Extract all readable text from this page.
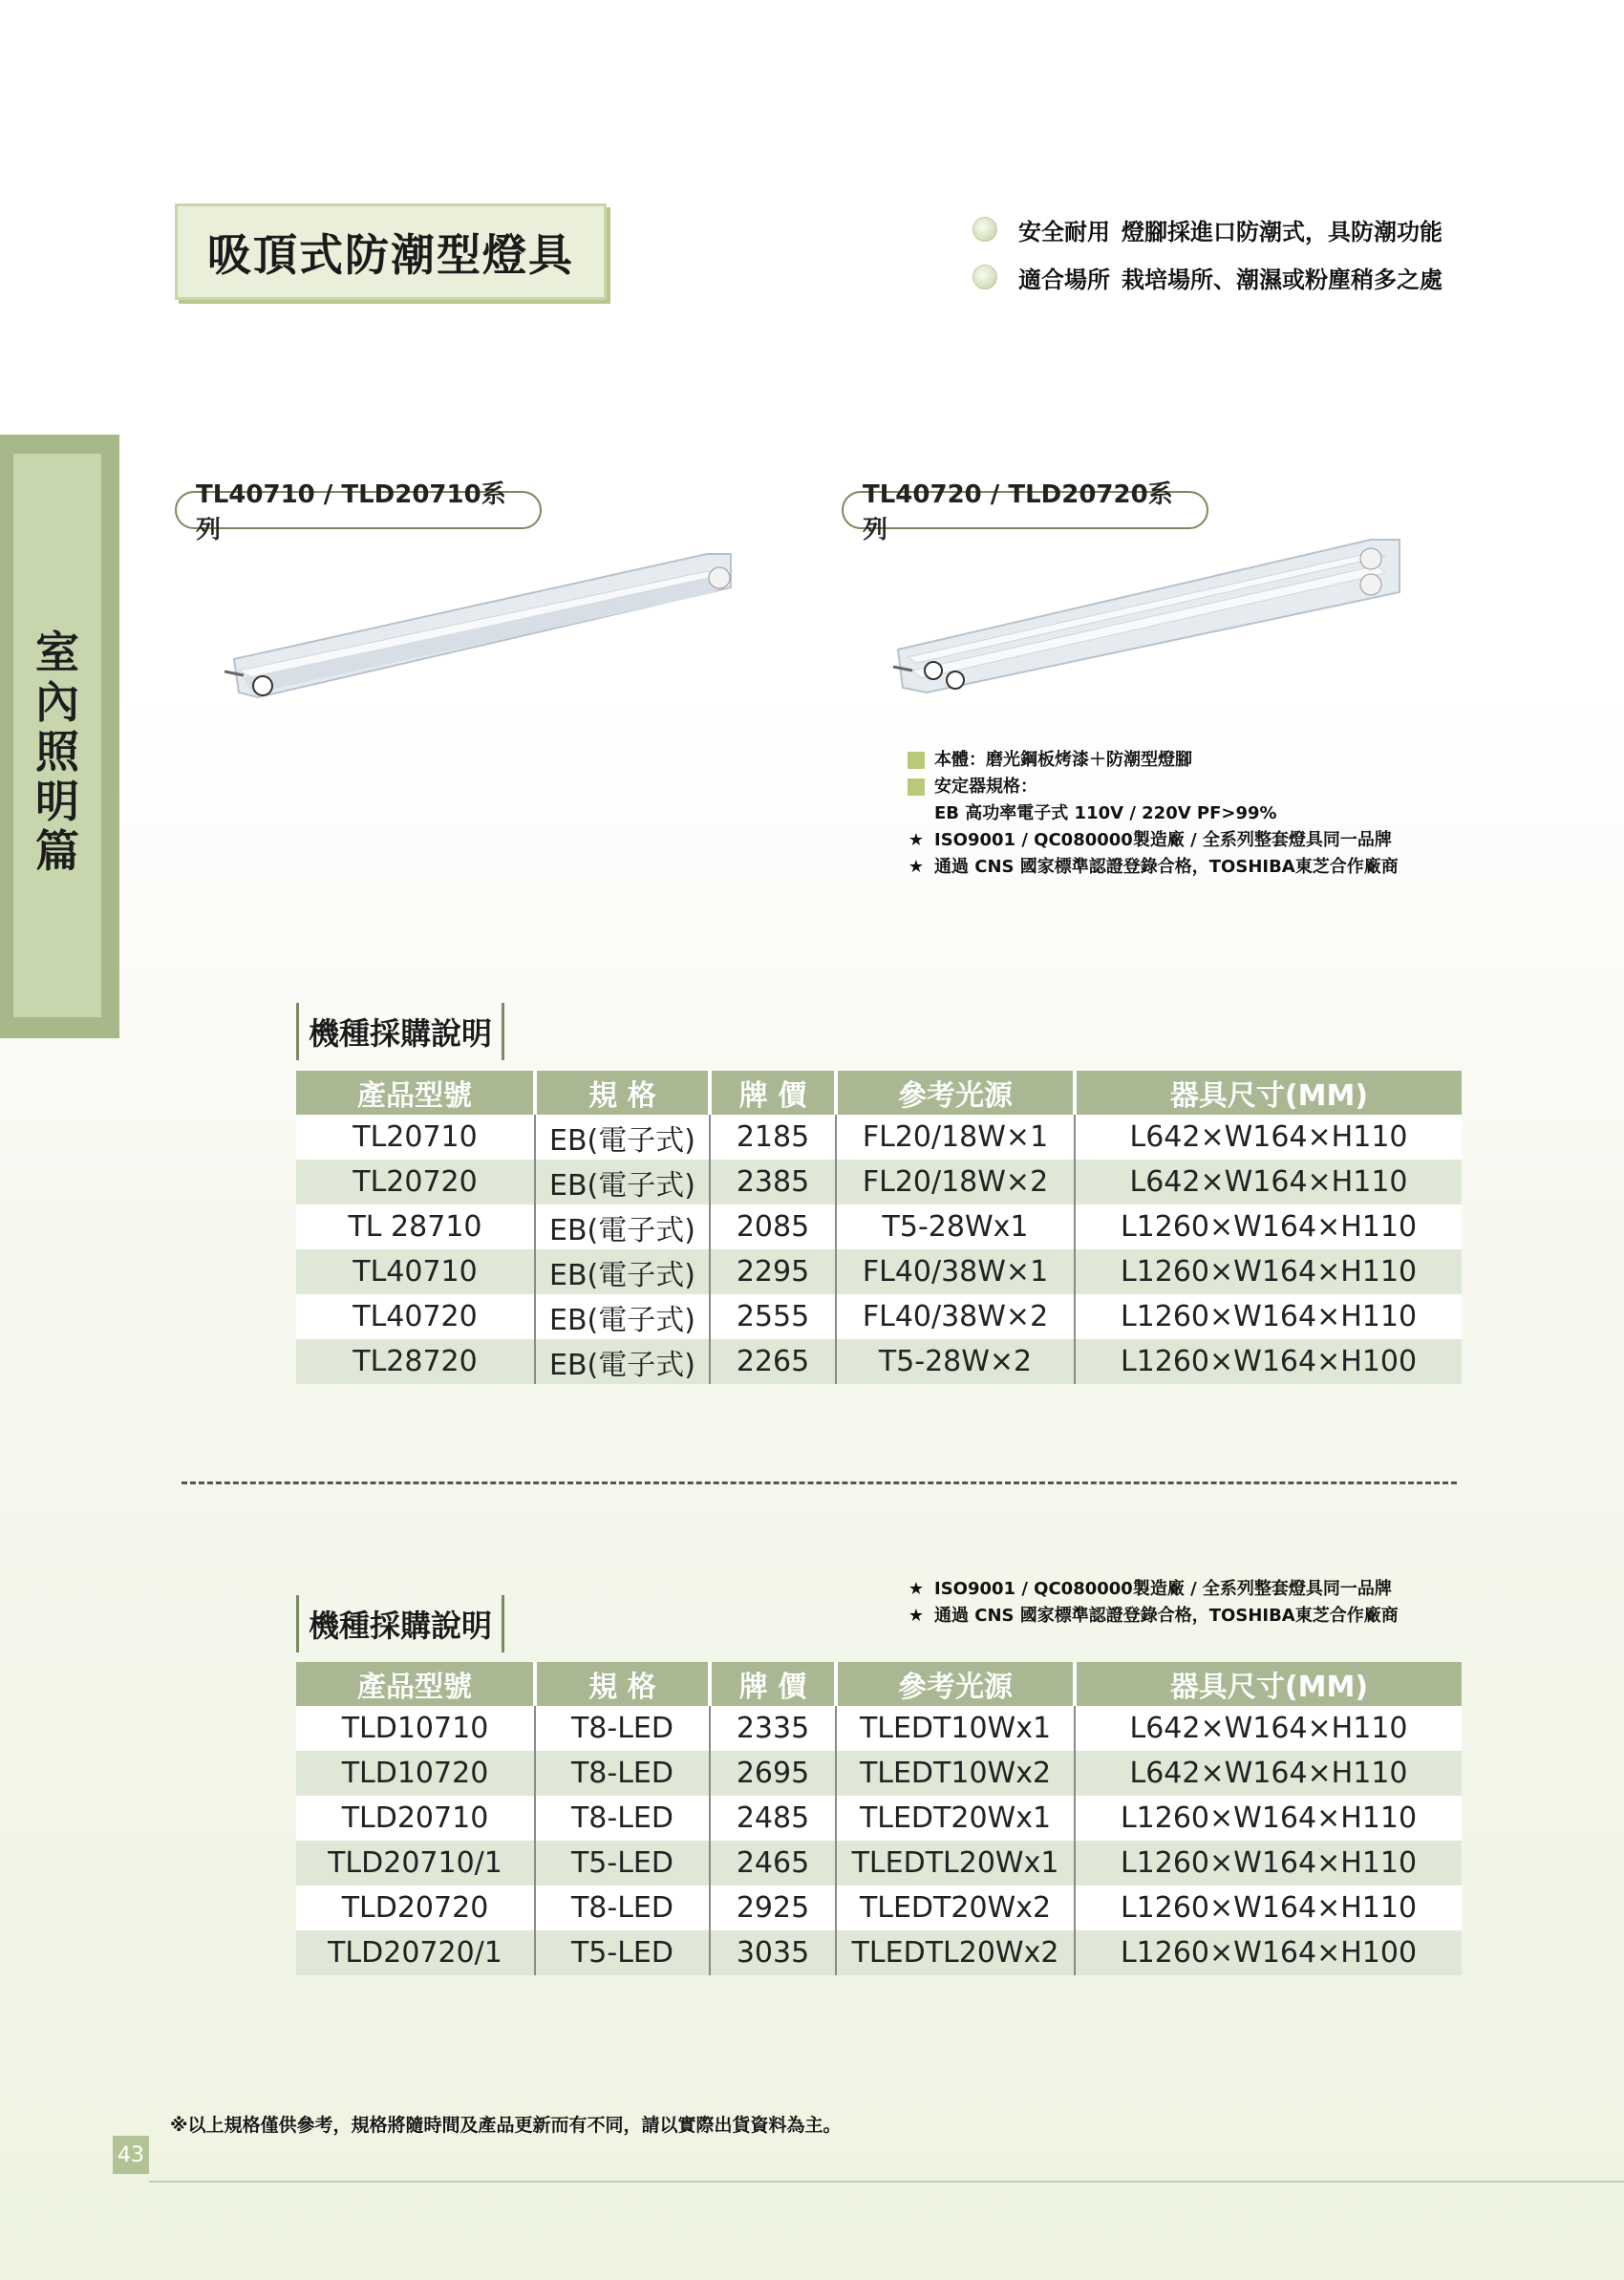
吸頂式防潮型燈具	安全耐用 燈腳採進口防潮式，具防潮功能
適合場所 栽培場所、潮濕或粉塵稍多之處
室
內
照
明
篇
TL40710 / TLD20710系列
TL40720 / TLD20720系列
本體：磨光鋼板烤漆＋防潮型燈腳
安定器規格：
EB 高功率電子式 110V / 220V PF>99%
★ ISO9001 / QC080000製造廠 / 全系列整套燈具同一品牌
★ 通過 CNS 國家標準認證登錄合格，TOSHIBA東芝合作廠商
機種採購說明
產品型號	規 格	牌 價	參考光源	器具尺寸(MM)
TL20710	EB(電子式)	2185	FL20/18W×1	L642×W164×H110
TL20720	EB(電子式)	2385	FL20/18W×2	L642×W164×H110
TL 28710	EB(電子式)	2085	T5-28Wx1	L1260×W164×H110
TL40710	EB(電子式)	2295	FL40/38W×1	L1260×W164×H110
TL40720	EB(電子式)	2555	FL40/38W×2	L1260×W164×H110
TL28720	EB(電子式)	2265	T5-28W×2	L1260×W164×H100
★ ISO9001 / QC080000製造廠 / 全系列整套燈具同一品牌
★ 通過 CNS 國家標準認證登錄合格，TOSHIBA東芝合作廠商
機種採購說明
產品型號	規 格	牌 價	參考光源	器具尺寸(MM)
TLD10710	T8-LED	2335	TLEDT10Wx1	L642×W164×H110
TLD10720	T8-LED	2695	TLEDT10Wx2	L642×W164×H110
TLD20710	T8-LED	2485	TLEDT20Wx1	L1260×W164×H110
TLD20710/1	T5-LED	2465	TLEDTL20Wx1	L1260×W164×H110
TLD20720	T8-LED	2925	TLEDT20Wx2	L1260×W164×H110
TLD20720/1	T5-LED	3035	TLEDTL20Wx2	L1260×W164×H100
※以上規格僅供參考，規格將隨時間及產品更新而有不同，請以實際出貨資料為主。
43
